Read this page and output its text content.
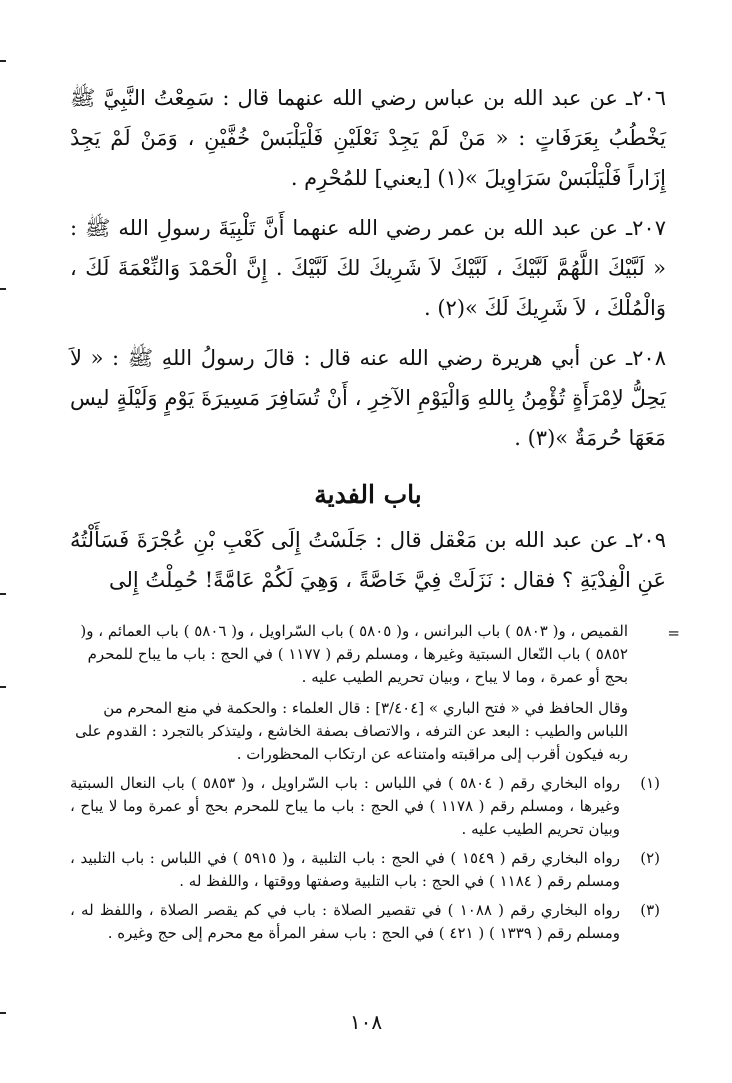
٢٠٦ـ عن عبد الله بن عباس رضي الله عنهما قال : سَمِعْتُ النَّبِيَّ ﷺ يَخْطُبُ بِعَرَفَاتٍ : « مَنْ لَمْ يَجِدْ نَعْلَيْنِ فَلْيَلْبَسْ خُفَّيْنِ ، وَمَنْ لَمْ يَجِدْ إِزَاراً فَلْيَلْبَسْ سَرَاوِيلَ »(١) [يعني] للمُحْرِم .

٢٠٧ـ عن عبد الله بن عمر رضي الله عنهما أَنَّ تَلْبِيَةَ رسولِ الله ﷺ : « لَبَّيْكَ اللَّهُمَّ لَبَّيْكَ ، لَبَّيْكَ لاَ شَرِيكَ لكَ لَبَّيْكَ . إِنَّ الْحَمْدَ وَالنِّعْمَةَ لَكَ ، وَالْمُلْكَ ، لاَ شَرِيكَ لَكَ »(٢) .

٢٠٨ـ عن أبي هريرة رضي الله عنه قال : قالَ رسولُ اللهِ ﷺ : « لاَ يَحِلُّ لاِمْرَأَةٍ تُؤْمِنُ بِاللهِ وَالْيَوْمِ الآخِرِ ، أَنْ تُسَافِرَ مَسِيرَةَ يَوْمٍ وَلَيْلَةٍ ليس مَعَهَا حُرمَةٌ »(٣) .

باب الفدية

٢٠٩ـ عن عبد الله بن مَعْقل قال : جَلَسْتُ إِلَى كَعْبِ بْنِ عُجْرَةَ فَسَأَلْتُهُ عَنِ الْفِدْيَةِ ؟ فقال : نَزَلَتْ فِيَّ خَاصَّةً ، وَهِيَ لَكُمْ عَامَّةً! حُمِلْتُ إِلى

=

القميص ، و( ٥٨٠٣ ) باب البرانس ، و( ٥٨٠٥ ) باب السّراويل ، و( ٥٨٠٦ ) باب العمائم ، و( ٥٨٥٢ ) باب النّعال السبتية وغيرها ، ومسلم رقم ( ١١٧٧ ) في الحج : باب ما يباح للمحرم بحج أو عمرة ، وما لا يباح ، وبيان تحريم الطيب عليه .

وقال الحافظ في « فتح الباري » [٣/٤٠٤] : قال العلماء : والحكمة في منع المحرم من اللباس والطيب : البعد عن الترفه ، والاتصاف بصفة الخاشع ، وليتذكر بالتجرد : القدوم على ربه فيكون أقرب إلى مراقبته وامتناعه عن ارتكاب المحظورات .

(١)
رواه البخاري رقم ( ٥٨٠٤ ) في اللباس : باب السّراويل ، و( ٥٨٥٣ ) باب النعال السبتية وغيرها ، ومسلم رقم ( ١١٧٨ ) في الحج : باب ما يباح للمحرم بحج أو عمرة وما لا يباح ، وبيان تحريم الطيب عليه .
(٢)
رواه البخاري رقم ( ١٥٤٩ ) في الحج : باب التلبية ، و( ٥٩١٥ ) في اللباس : باب التلبيد ، ومسلم رقم ( ١١٨٤ ) في الحج : باب التلبية وصفتها ووقتها ، واللفظ له .
(٣)
رواه البخاري رقم ( ١٠٨٨ ) في تقصير الصلاة : باب في كم يقصر الصلاة ، واللفظ له ، ومسلم رقم ( ١٣٣٩ ) ( ٤٢١ ) في الحج : باب سفر المرأة مع محرم إلى حج وغيره .
١٠٨
